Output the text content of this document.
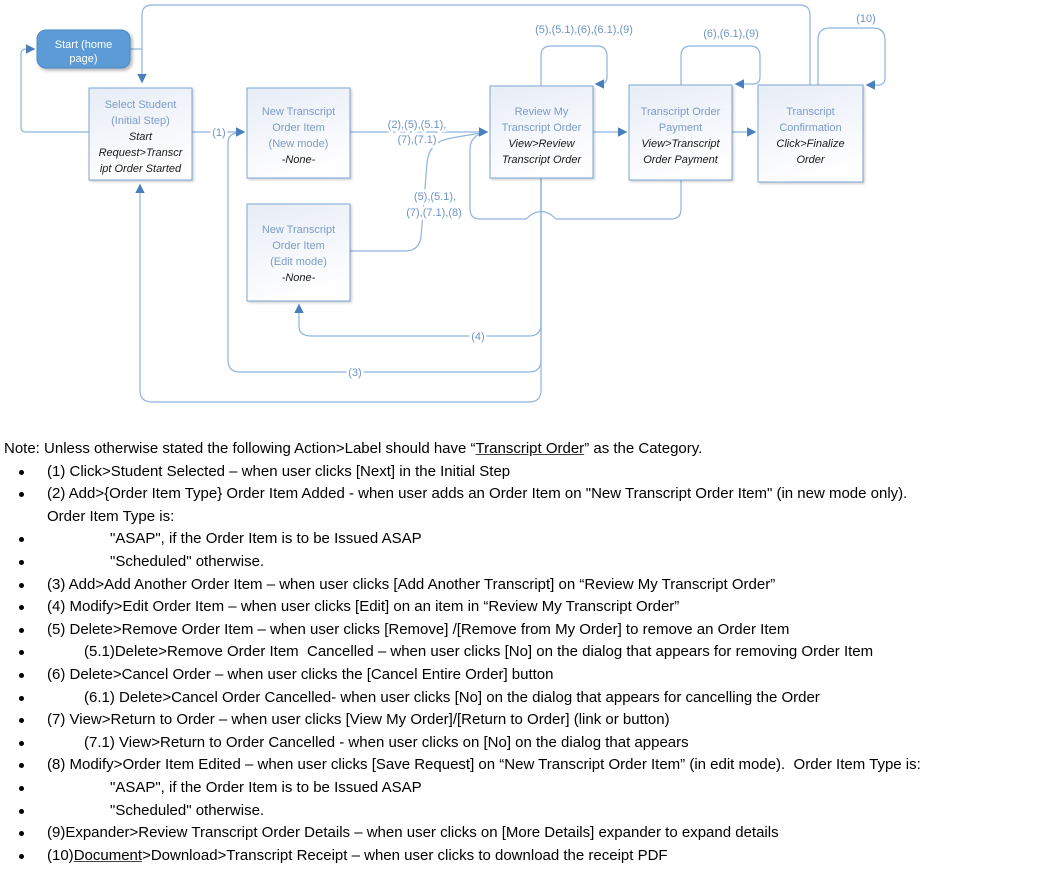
Start (home
page)
Select Student
(Initial Step)
Start
Request>Transcr
ipt Order Started
New Transcript
Order Item
(New mode)
-None-
Review My
Transcript Order
View>Review
Transcript Order
Transcript Order
Payment
View>Transcript
Order Payment
Transcript
Confirmation
Click>Finalize
Order
New Transcript
Order Item
(Edit mode)
-None-
(1)
(2),(5),(5.1),
(7),(7.1)
(5),(5.1),
(7),(7.1),(8)
(5),(5.1),(6),(6.1),(9)	(6),(6.1),(9)
(10)
(4)
(3)
Note: Unless otherwise stated the following Action>Label should have “Transcript Order” as the Category.
(1) Click>Student Selected – when user clicks [Next] in the Initial Step
(2) Add>{Order Item Type} Order Item Added - when user adds an Order Item on "New Transcript Order Item" (in new mode only).
Order Item Type is:
"ASAP", if the Order Item is to be Issued ASAP
"Scheduled" otherwise.
(3) Add>Add Another Order Item – when user clicks [Add Another Transcript] on “Review My Transcript Order”
(4) Modify>Edit Order Item – when user clicks [Edit] on an item in “Review My Transcript Order”
(5) Delete>Remove Order Item – when user clicks [Remove] /[Remove from My Order] to remove an Order Item
(5.1)Delete>Remove Order Item  Cancelled – when user clicks [No] on the dialog that appears for removing Order Item
(6) Delete>Cancel Order – when user clicks the [Cancel Entire Order] button
(6.1) Delete>Cancel Order Cancelled- when user clicks [No] on the dialog that appears for cancelling the Order
(7) View>Return to Order – when user clicks [View My Order]/[Return to Order] (link or button)
(7.1) View>Return to Order Cancelled - when user clicks on [No] on the dialog that appears
(8) Modify>Order Item Edited – when user clicks [Save Request] on “New Transcript Order Item” (in edit mode).  Order Item Type is:
"ASAP", if the Order Item is to be Issued ASAP
"Scheduled" otherwise.
(9)Expander>Review Transcript Order Details – when user clicks on [More Details] expander to expand details
(10)Document>Download>Transcript Receipt – when user clicks to download the receipt PDF
